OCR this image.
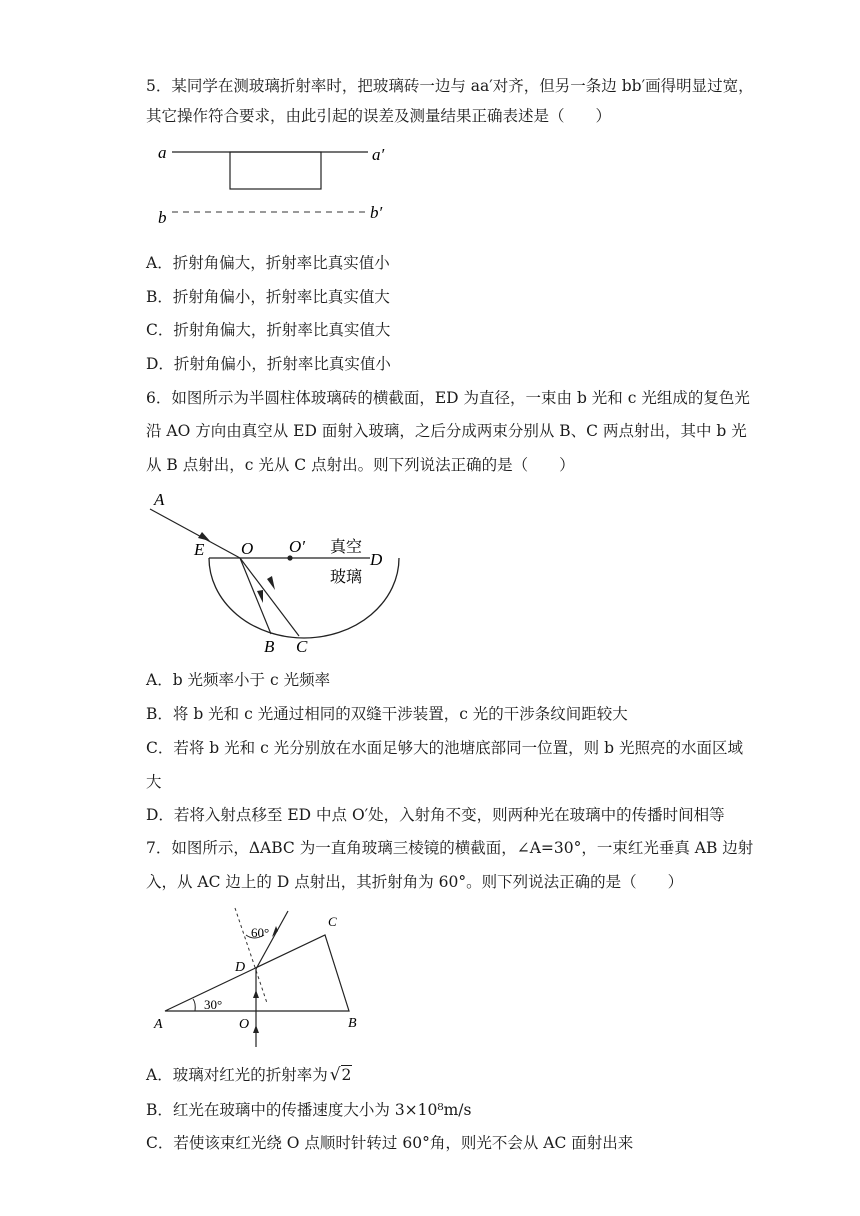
5．某同学在测玻璃折射率时，把玻璃砖一边与 aa′对齐，但另一条边 bb′画得明显过宽，
其它操作符合要求，由此引起的误差及测量结果正确表述是（　　）
a	a′
b	b′
A．折射角偏大，折射率比真实值小
B．折射角偏小，折射率比真实值大
C．折射角偏大，折射率比真实值大
D．折射角偏小，折射率比真实值小
6．如图所示为半圆柱体玻璃砖的横截面，ED 为直径，一束由 b 光和 c 光组成的复色光
沿 AO 方向由真空从 ED 面射入玻璃，之后分成两束分别从 B、C 两点射出，其中 b 光
从 B 点射出，c 光从 C 点射出。则下列说法正确的是（　　）
A
E O O′ 真空
D
玻璃
B C
A．b 光频率小于 c 光频率
B．将 b 光和 c 光通过相同的双缝干涉装置，c 光的干涉条纹间距较大
C．若将 b 光和 c 光分别放在水面足够大的池塘底部同一位置，则 b 光照亮的水面区域
大
D．若将入射点移至 ED 中点 O′处，入射角不变，则两种光在玻璃中的传播时间相等
7．如图所示，ΔABC 为一直角玻璃三棱镜的横截面，∠A=30°，一束红光垂真 AB 边射
入，从 AC 边上的 D 点射出，其折射角为 60°。则下列说法正确的是（　　）
C
60°
D
30°
A	O	B
A．玻璃对红光的折射率为 √2
B．红光在玻璃中的传播速度大小为 3×10⁸m/s
C．若使该束红光绕 O 点顺时针转过 60°角，则光不会从 AC 面射出来
